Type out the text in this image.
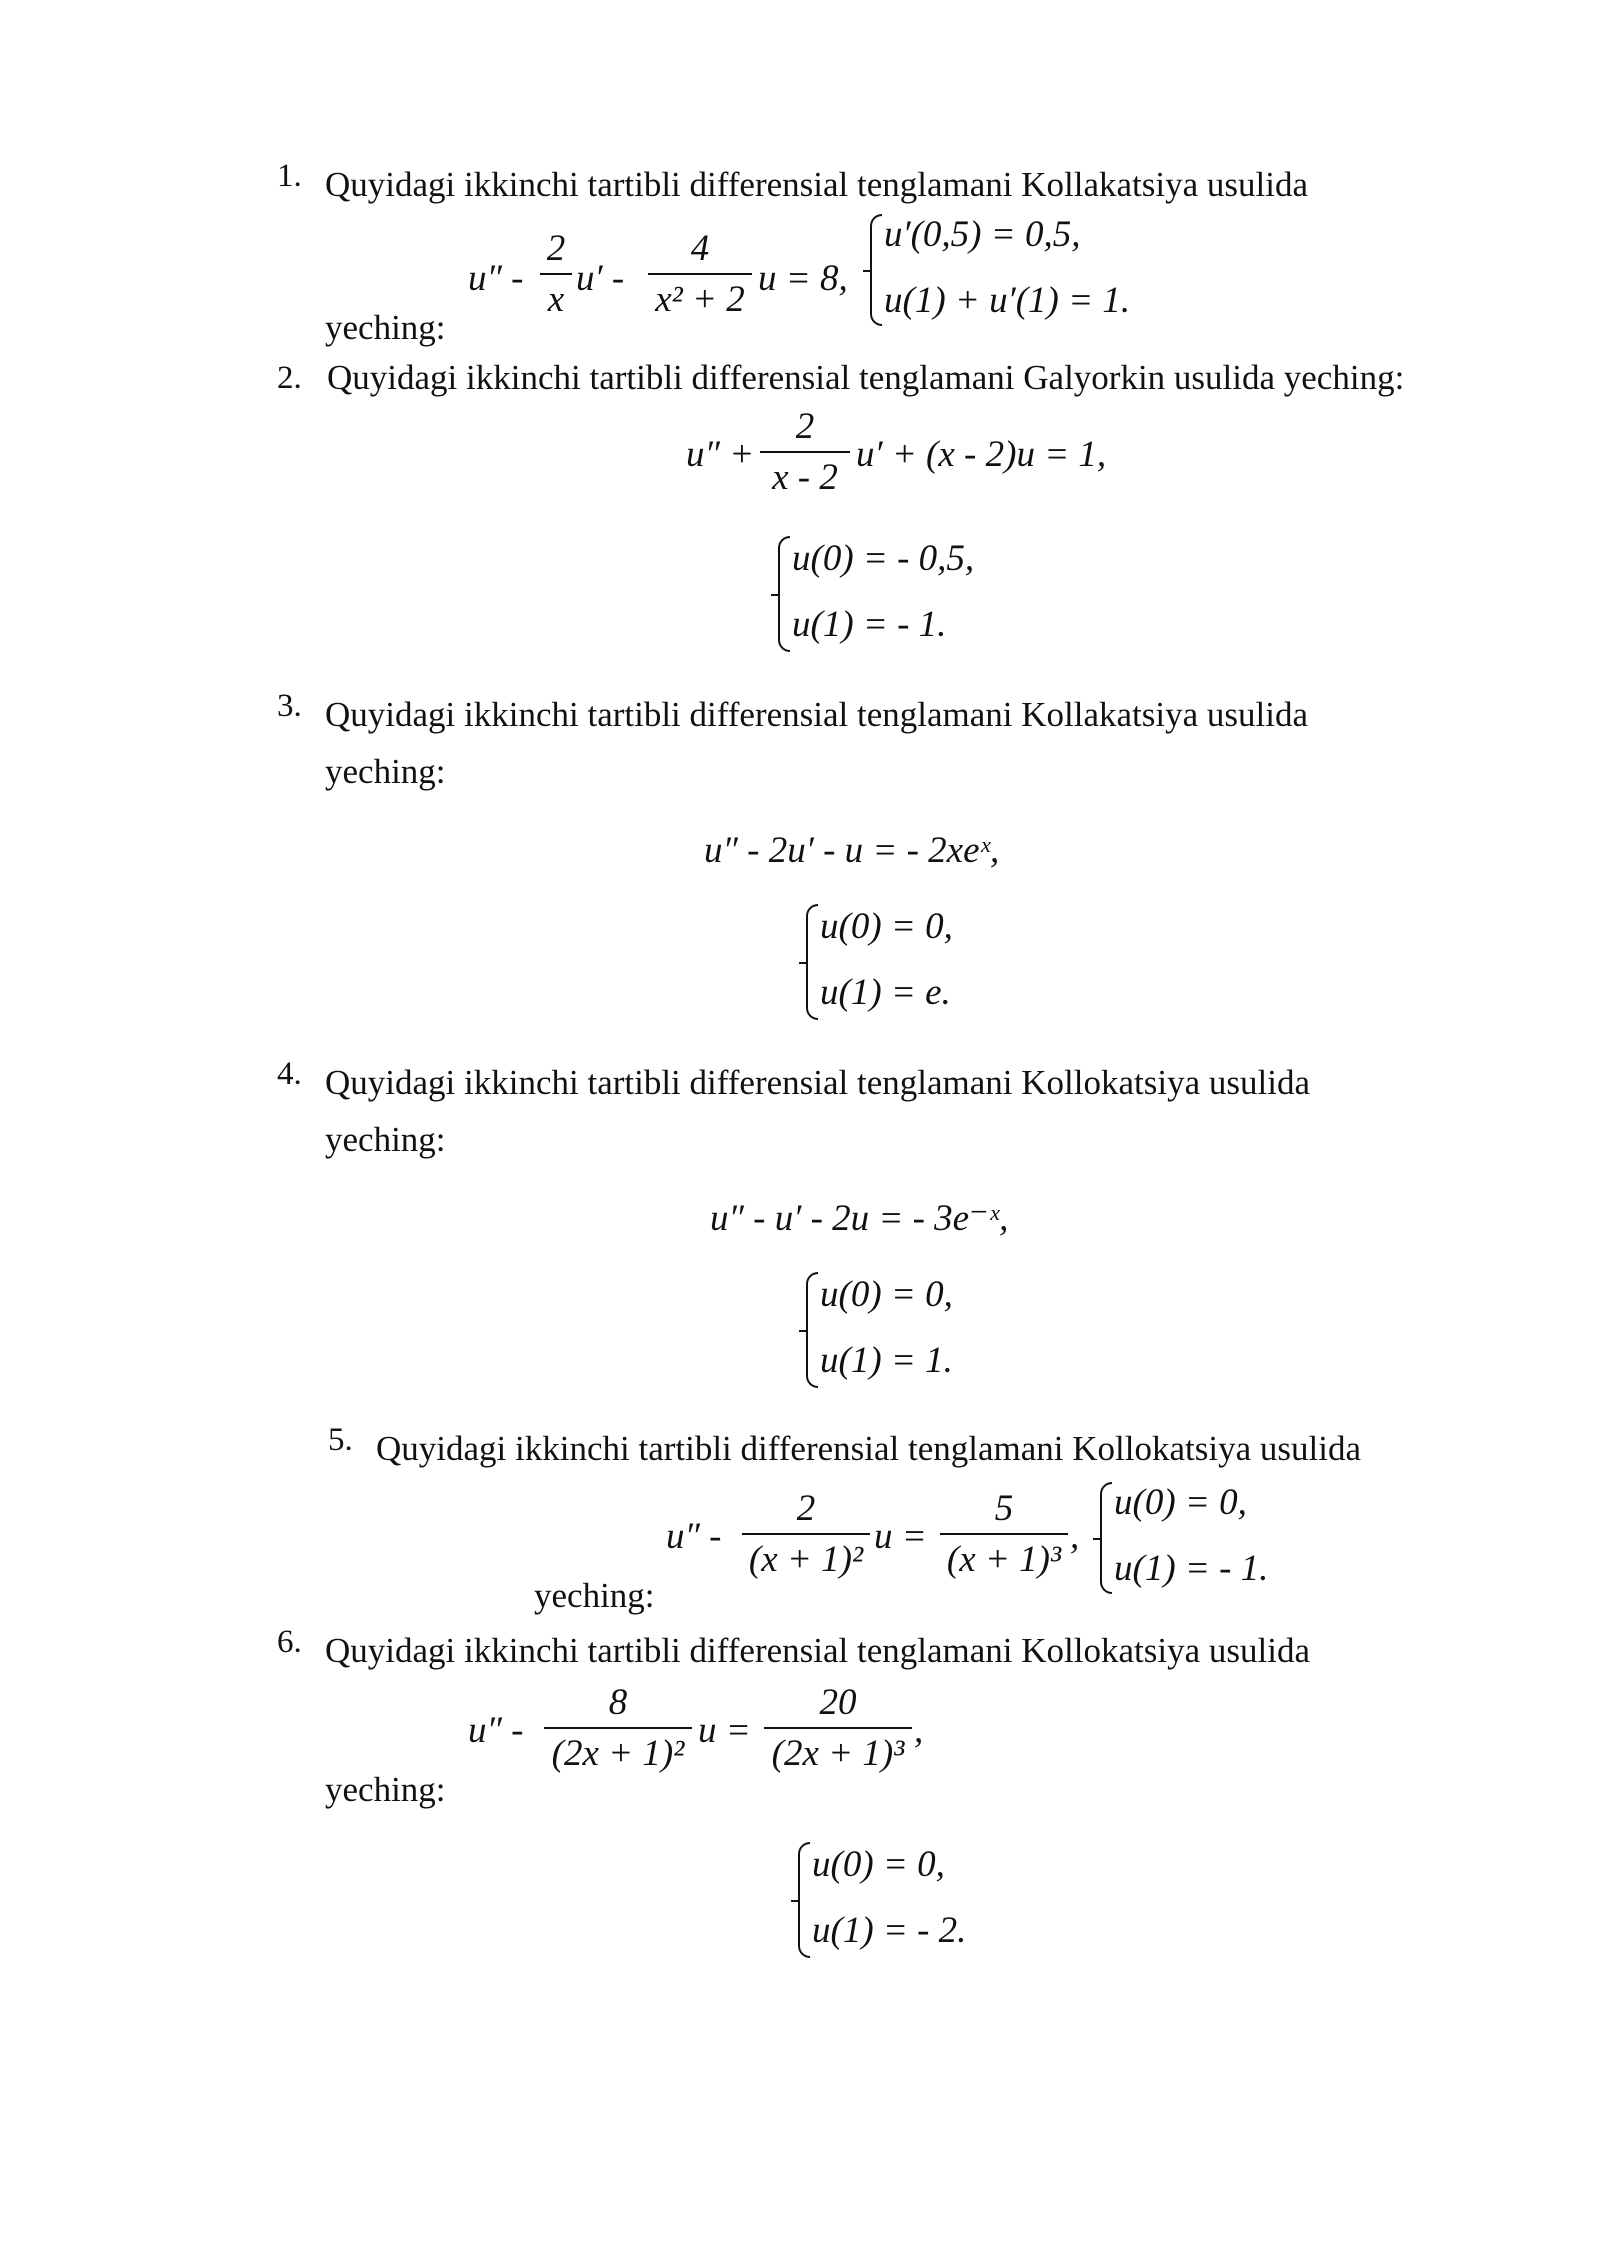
1. Quyidagi ikkinchi tartibli differensial tenglamani Kollakatsiya usulida
u″ -
2
x
u′ -
4
x² + 2
u = 8,
u′(0,5) = 0,5,
u(1) + u′(1) = 1.
yeching:
2. Quyidagi ikkinchi tartibli differensial tenglamani Galyorkin usulida yeching:
u″ +
2
x - 2
u′ + (x - 2)u = 1,
u(0) = - 0,5,
u(1) = - 1.
3. Quyidagi ikkinchi tartibli differensial tenglamani Kollakatsiya usulida
yeching:
u″ - 2u′ - u = - 2xeˣ,
u(0) = 0,
u(1) = e.
4. Quyidagi ikkinchi tartibli differensial tenglamani Kollokatsiya usulida
yeching:
u″ - u′ - 2u = - 3e⁻ˣ,
u(0) = 0,
u(1) = 1.
5. Quyidagi ikkinchi tartibli differensial tenglamani Kollokatsiya usulida
u″ -
2
(x + 1)²
u =
5
(x + 1)³
,
u(0) = 0,
u(1) = - 1.
yeching:
6. Quyidagi ikkinchi tartibli differensial tenglamani Kollokatsiya usulida
u″ -
8
(2x + 1)²
u =
20
(2x + 1)³
,
yeching:
u(0) = 0,
u(1) = - 2.
